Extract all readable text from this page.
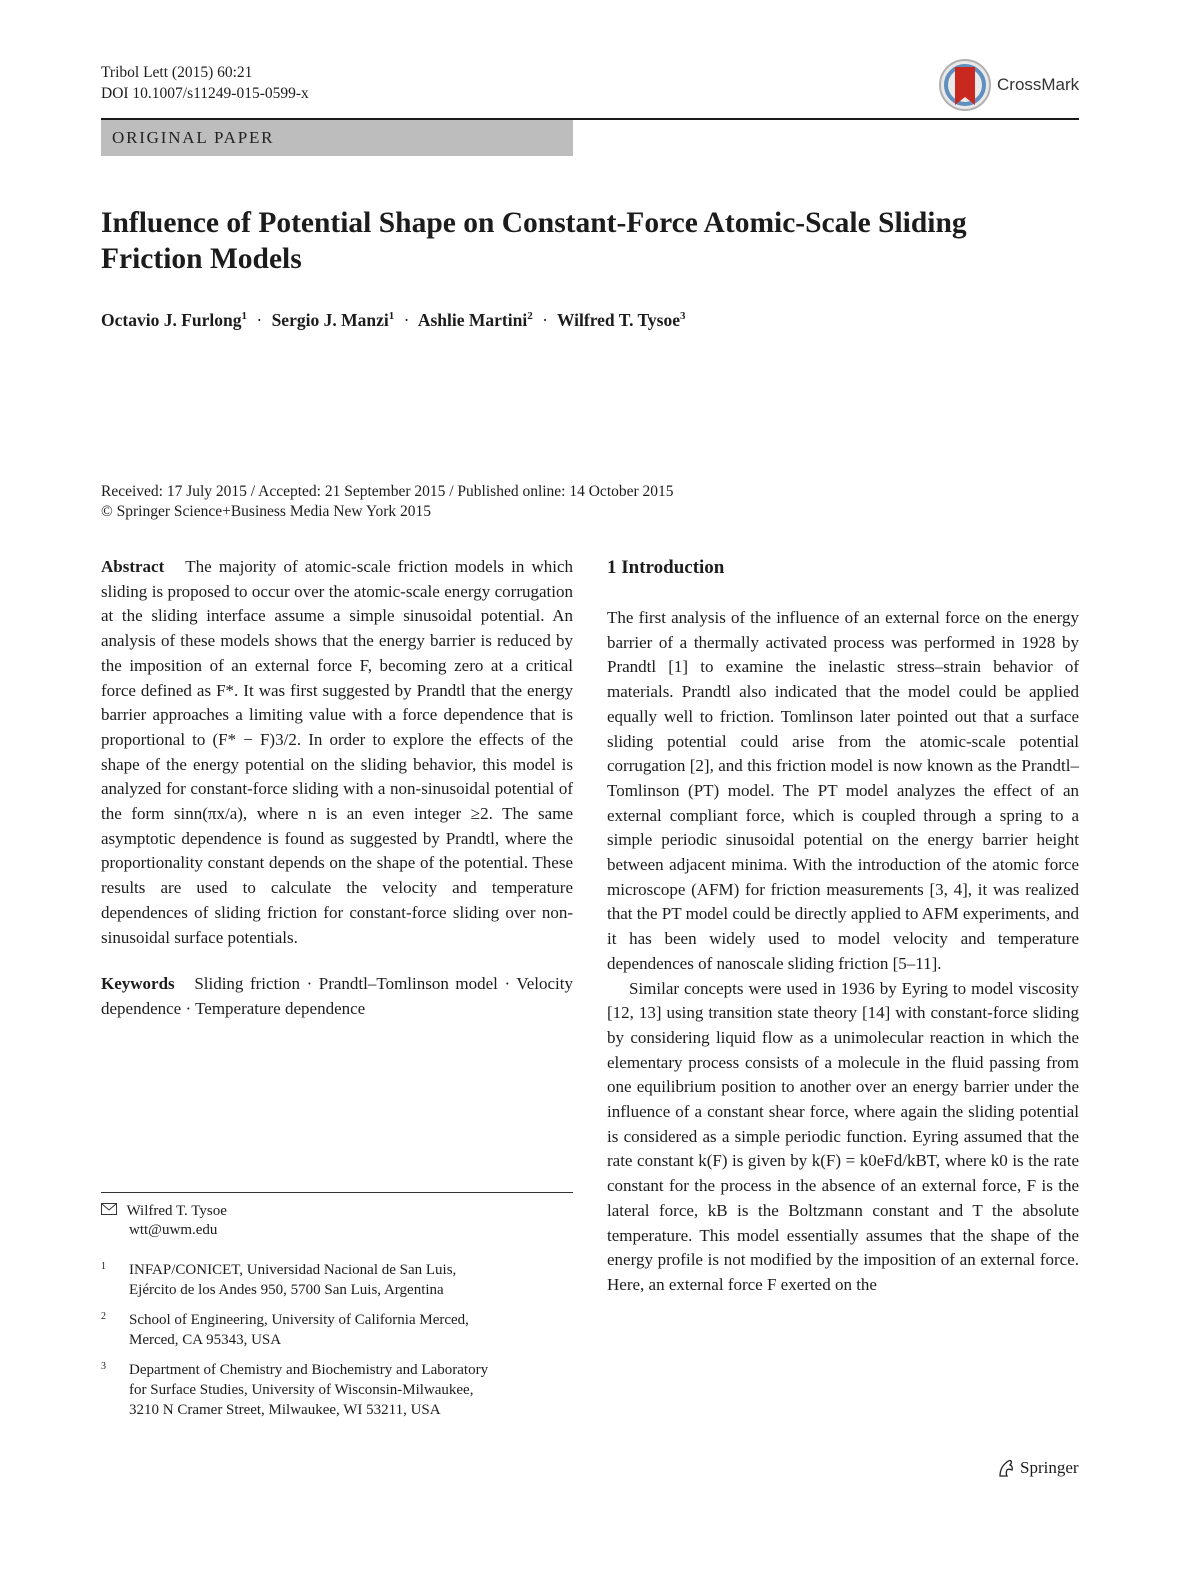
Tribol Lett (2015) 60:21
DOI 10.1007/s11249-015-0599-x	CrossMark
ORIGINAL PAPER
Influence of Potential Shape on Constant-Force Atomic-Scale Sliding Friction Models
Octavio J. Furlong$^1$ · Sergio J. Manzi$^1$ · Ashlie Martini$^2$ · Wilfred T. Tysoe$^3$
Received: 17 July 2015 / Accepted: 21 September 2015 / Published online: 14 October 2015
© Springer Science+Business Media New York 2015

Abstract The majority of atomic-scale friction models in which sliding is proposed to occur over the atomic-scale energy corrugation at the sliding interface assume a simple sinusoidal potential. An analysis of these models shows that the energy barrier is reduced by the imposition of an external force F, becoming zero at a critical force defined as F*. It was first suggested by Prandtl that the energy barrier approaches a limiting value with a force dependence that is proportional to (F* − F)3/2. In order to explore the effects of the shape of the energy potential on the sliding behavior, this model is analyzed for constant-force sliding with a non-sinusoidal potential of the form sinn(πx/a), where n is an even integer ≥2. The same asymptotic dependence is found as suggested by Prandtl, where the proportionality constant depends on the shape of the potential. These results are used to calculate the velocity and temperature dependences of sliding friction for constant-force sliding over non-sinusoidal surface potentials.

Keywords Sliding friction · Prandtl–Tomlinson model · Velocity dependence · Temperature dependence

Wilfred T. Tysoe
wtt@uwm.edu
1 INFAP/CONICET, Universidad Nacional de San Luis,
Ejército de los Andes 950, 5700 San Luis, Argentina
2 School of Engineering, University of California Merced,
Merced, CA 95343, USA
3 Department of Chemistry and Biochemistry and Laboratory
for Surface Studies, University of Wisconsin-Milwaukee,
3210 N Cramer Street, Milwaukee, WI 53211, USA

1 Introduction

The first analysis of the influence of an external force on the energy barrier of a thermally activated process was performed in 1928 by Prandtl [1] to examine the inelastic stress–strain behavior of materials. Prandtl also indicated that the model could be applied equally well to friction. Tomlinson later pointed out that a surface sliding potential could arise from the atomic-scale potential corrugation [2], and this friction model is now known as the Prandtl–Tomlinson (PT) model. The PT model analyzes the effect of an external compliant force, which is coupled through a spring to a simple periodic sinusoidal potential on the energy barrier height between adjacent minima. With the introduction of the atomic force microscope (AFM) for friction measurements [3, 4], it was realized that the PT model could be directly applied to AFM experiments, and it has been widely used to model velocity and temperature dependences of nanoscale sliding friction [5–11].

Similar concepts were used in 1936 by Eyring to model viscosity [12, 13] using transition state theory [14] with constant-force sliding by considering liquid flow as a unimolecular reaction in which the elementary process consists of a molecule in the fluid passing from one equilibrium position to another over an energy barrier under the influence of a constant shear force, where again the sliding potential is considered as a simple periodic function. Eyring assumed that the rate constant k(F) is given by k(F) = k0eFd/kBT, where k0 is the rate constant for the process in the absence of an external force, F is the lateral force, kB is the Boltzmann constant and T the absolute temperature. This model essentially assumes that the shape of the energy profile is not modified by the imposition of an external force. Here, an external force F exerted on the

Springer
